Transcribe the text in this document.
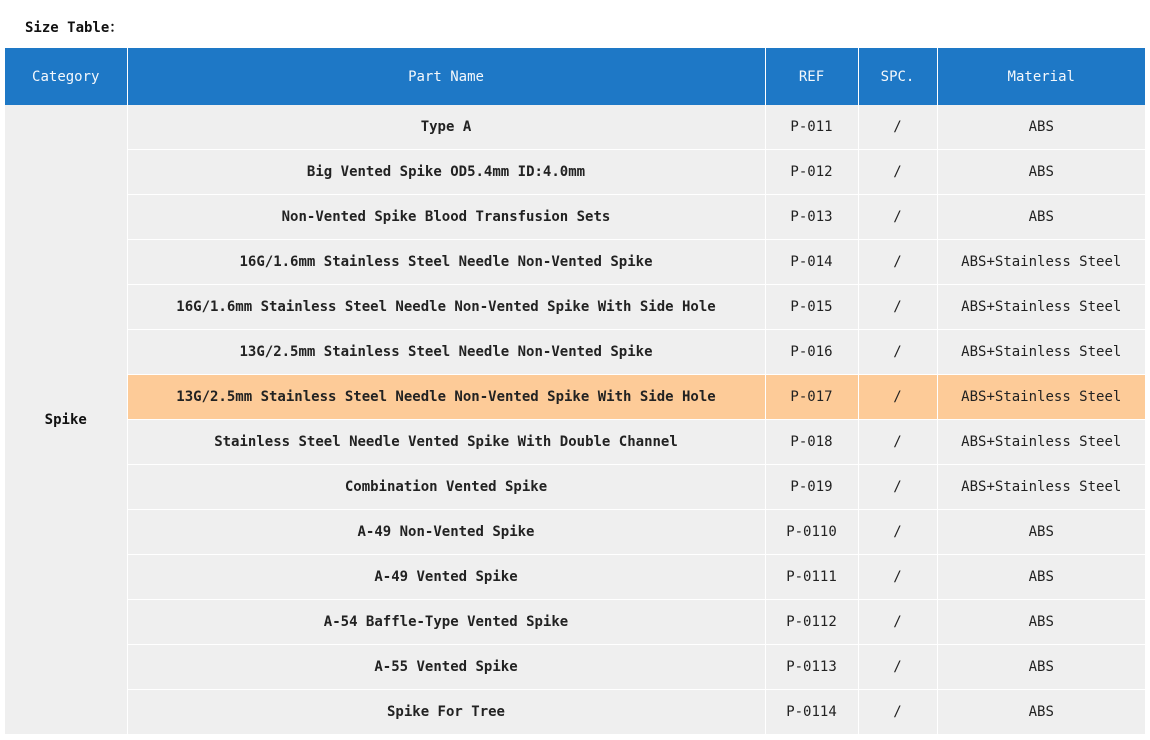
Size Table：
Category	Part Name	REF	SPC.	Material
Spike	Type A	P-011	/	ABS
	Big Vented Spike OD5.4mm ID:4.0mm	P-012	/	ABS
	Non-Vented Spike Blood Transfusion Sets	P-013	/	ABS
	16G/1.6mm Stainless Steel Needle Non-Vented Spike	P-014	/	ABS+Stainless Steel
	16G/1.6mm Stainless Steel Needle Non-Vented Spike With Side Hole	P-015	/	ABS+Stainless Steel
	13G/2.5mm Stainless Steel Needle Non-Vented Spike	P-016	/	ABS+Stainless Steel
	13G/2.5mm Stainless Steel Needle Non-Vented Spike With Side Hole	P-017	/	ABS+Stainless Steel
	Stainless Steel Needle Vented Spike With Double Channel	P-018	/	ABS+Stainless Steel
	Combination Vented Spike	P-019	/	ABS+Stainless Steel
	A-49 Non-Vented Spike	P-0110	/	ABS
	A-49 Vented Spike	P-0111	/	ABS
	A-54 Baffle-Type Vented Spike	P-0112	/	ABS
	A-55 Vented Spike	P-0113	/	ABS
	Spike For Tree	P-0114	/	ABS
